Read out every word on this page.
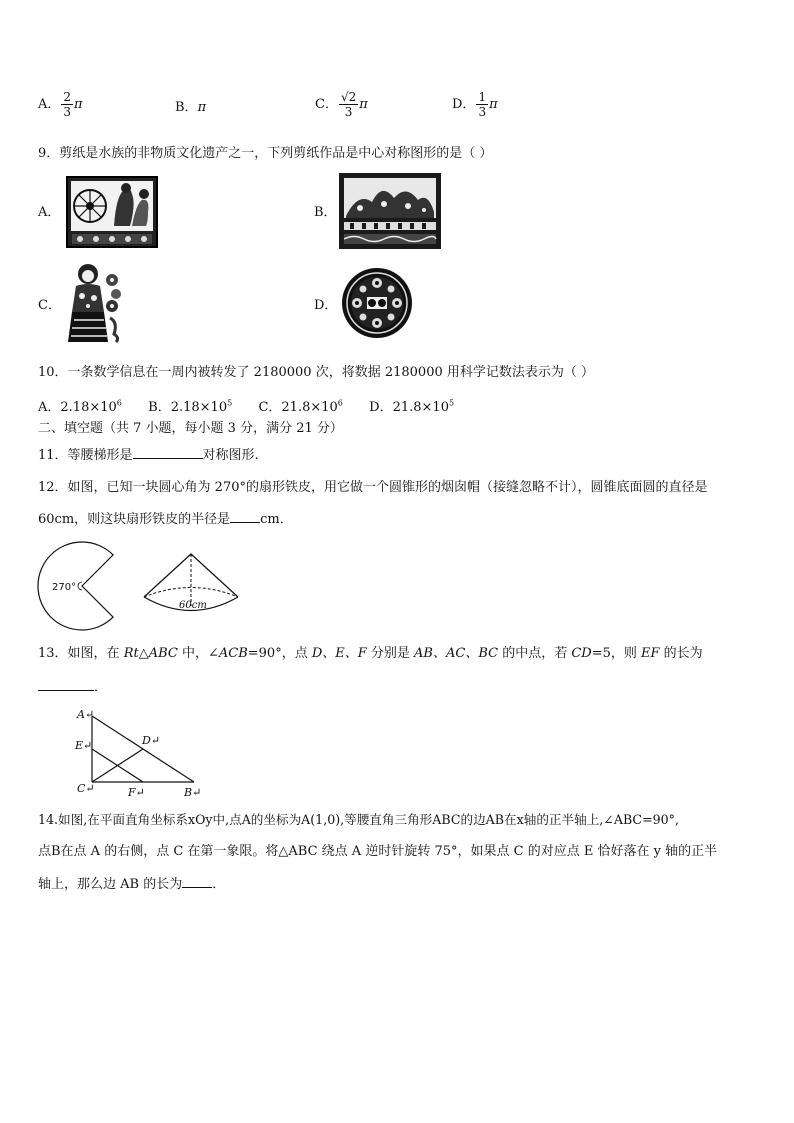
A． $\frac{2}{3}$ π	B．π	C． $\frac{√2}{3}$ π	D． $\frac{1}{3}$ π
9．剪纸是水族的非物质文化遗产之一，下列剪纸作品是中心对称图形的是（ ）
A．	B．
C．	D．
10．一条数学信息在一周内被转发了 2180000 次，将数据 2180000 用科学记数法表示为（ ）
A．$2.18\times 10^6$ B．$2.18\times 10^5$ C．$21.8\times 10^6$ D．$21.8\times 10^5$
二、填空题（共 7 小题，每小题 3 分，满分 21 分）
11．等腰梯形是	对称图形.
12．如图，已知一块圆心角为 270°的扇形铁皮，用它做一个圆锥形的烟囱帽（接缝忽略不计），圆锥底面圆的直径是
60cm，则这块扇形铁皮的半径是 cm．
270°
60cm
13．如图，在 Rt△ABC 中，∠ACB=90°，点 D、E、F 分别是 AB、AC、BC 的中点，若 CD=5，则 EF 的长为
．
A↵
D↵
E↵
C↵	F↵	B↵
14.如图,在平面直角坐标系xOy中,点A的坐标为A(1,0),等腰直角三角形ABC的边AB在x轴的正半轴上,∠ABC=90°,
点B在点 A 的右侧，点 C 在第一象限。将△ABC 绕点 A 逆时针旋转 75°，如果点 C 的对应点 E 恰好落在 y 轴的正半
轴上，那么边 AB 的长为 ．
